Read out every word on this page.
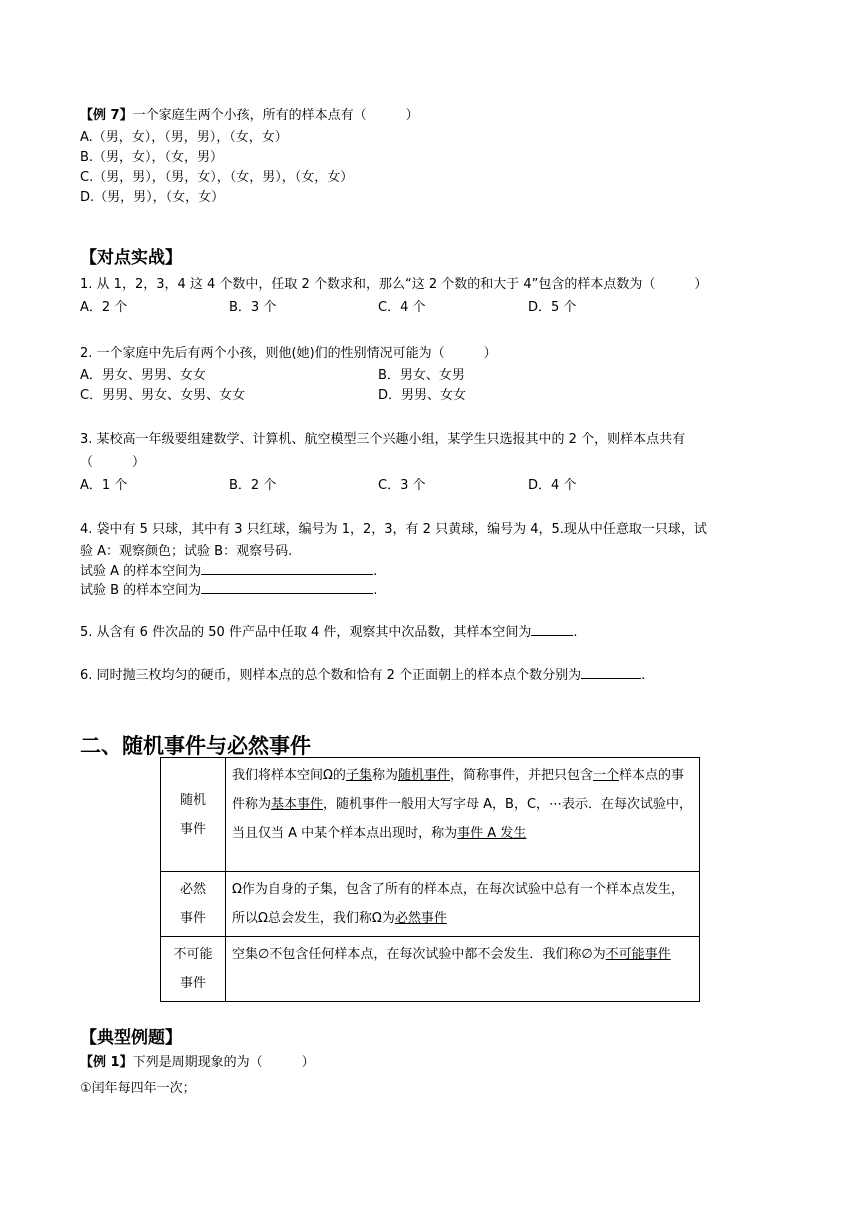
【例 7】一个家庭生两个小孩，所有的样本点有（　　　）
A.（男，女），（男，男），（女，女）
B.（男，女），（女，男）
C.（男，男），（男，女），（女，男），（女，女）
D.（男，男），（女，女）
【对点实战】
1. 从 1，2，3，4 这 4 个数中，任取 2 个数求和，那么“这 2 个数的和大于 4”包含的样本点数为（　　　）
A．2 个	B．3 个	C．4 个	D．5 个
2. 一个家庭中先后有两个小孩，则他(她)们的性别情况可能为（　　　）
A．男女、男男、女女	B．男女、女男
C．男男、男女、女男、女女	D．男男、女女
3. 某校高一年级要组建数学、计算机、航空模型三个兴趣小组，某学生只选报其中的 2 个，则样本点共有
（　　　）
A．1 个	B．2 个	C．3 个	D．4 个
4. 袋中有 5 只球，其中有 3 只红球，编号为 1，2，3，有 2 只黄球，编号为 4，5.现从中任意取一只球，试
验 A：观察颜色；试验 B：观察号码.
试验 A 的样本空间为	.
试验 B 的样本空间为	.
5. 从含有 6 件次品的 50 件产品中任取 4 件，观察其中次品数，其样本空间为	.
6. 同时抛三枚均匀的硬币，则样本点的总个数和恰有 2 个正面朝上的样本点个数分别为	.
二、随机事件与必然事件
随机
事件	我们将样本空间Ω的子集称为随机事件，简称事件，并把只包含一个样本点的事件称为基本事件，随机事件一般用大写字母 A，B，C，⋯表示．在每次试验中，当且仅当 A 中某个样本点出现时，称为事件 A 发生

必然
事件	Ω作为自身的子集，包含了所有的样本点，在每次试验中总有一个样本点发生，所以Ω总会发生，我们称Ω为必然事件

不可能
事件	空集∅不包含任何样本点，在每次试验中都不会发生．我们称∅为不可能事件
【典型例题】
【例 1】下列是周期现象的为（　　　）
①闰年每四年一次；
